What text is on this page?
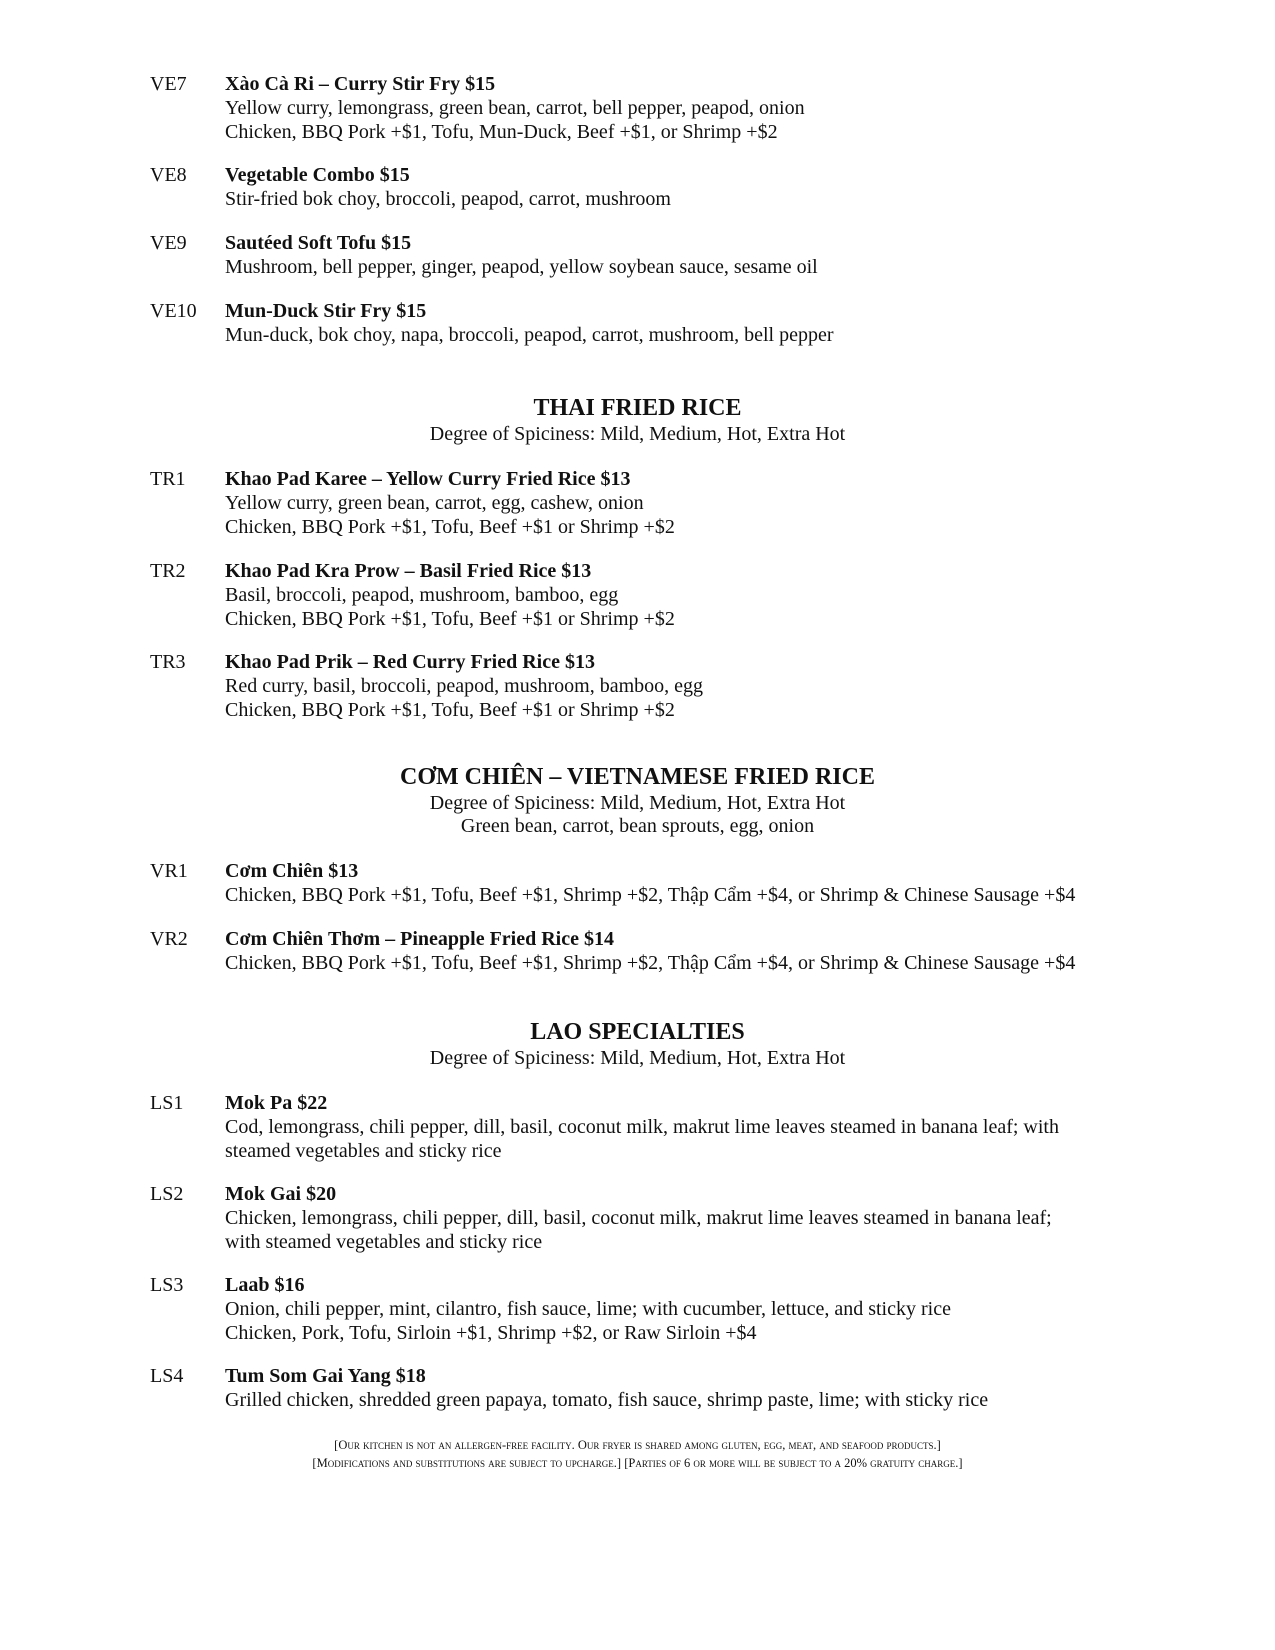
VE7	Xào Cà Ri – Curry Stir Fry $15
Yellow curry, lemongrass, green bean, carrot, bell pepper, peapod, onion
Chicken, BBQ Pork +$1, Tofu, Mun-Duck, Beef +$1, or Shrimp +$2
VE8	Vegetable Combo $15
Stir-fried bok choy, broccoli, peapod, carrot, mushroom
VE9	Sautéed Soft Tofu $15
Mushroom, bell pepper, ginger, peapod, yellow soybean sauce, sesame oil
VE10	Mun-Duck Stir Fry $15
Mun-duck, bok choy, napa, broccoli, peapod, carrot, mushroom, bell pepper
THAI FRIED RICE
Degree of Spiciness: Mild, Medium, Hot, Extra Hot
TR1	Khao Pad Karee – Yellow Curry Fried Rice $13
Yellow curry, green bean, carrot, egg, cashew, onion
Chicken, BBQ Pork +$1, Tofu, Beef +$1 or Shrimp +$2
TR2	Khao Pad Kra Prow – Basil Fried Rice $13
Basil, broccoli, peapod, mushroom, bamboo, egg
Chicken, BBQ Pork +$1, Tofu, Beef +$1 or Shrimp +$2
TR3	Khao Pad Prik – Red Curry Fried Rice $13
Red curry, basil, broccoli, peapod, mushroom, bamboo, egg
Chicken, BBQ Pork +$1, Tofu, Beef +$1 or Shrimp +$2
CƠM CHIÊN – VIETNAMESE FRIED RICE
Degree of Spiciness: Mild, Medium, Hot, Extra Hot
Green bean, carrot, bean sprouts, egg, onion
VR1	Cơm Chiên $13
Chicken, BBQ Pork +$1, Tofu, Beef +$1, Shrimp +$2, Thập Cẩm +$4, or Shrimp & Chinese Sausage +$4
VR2	Cơm Chiên Thơm – Pineapple Fried Rice $14
Chicken, BBQ Pork +$1, Tofu, Beef +$1, Shrimp +$2, Thập Cẩm +$4, or Shrimp & Chinese Sausage +$4
LAO SPECIALTIES
Degree of Spiciness: Mild, Medium, Hot, Extra Hot
LS1	Mok Pa $22
Cod, lemongrass, chili pepper, dill, basil, coconut milk, makrut lime leaves steamed in banana leaf; with
steamed vegetables and sticky rice
LS2	Mok Gai $20
Chicken, lemongrass, chili pepper, dill, basil, coconut milk, makrut lime leaves steamed in banana leaf;
with steamed vegetables and sticky rice
LS3	Laab $16
Onion, chili pepper, mint, cilantro, fish sauce, lime; with cucumber, lettuce, and sticky rice
Chicken, Pork, Tofu, Sirloin +$1, Shrimp +$2, or Raw Sirloin +$4
LS4	Tum Som Gai Yang $18
Grilled chicken, shredded green papaya, tomato, fish sauce, shrimp paste, lime; with sticky rice
[Our kitchen is not an allergen-free facility. Our fryer is shared among gluten, egg, meat, and seafood products.]
[Modifications and substitutions are subject to upcharge.] [Parties of 6 or more will be subject to a 20% gratuity charge.]
